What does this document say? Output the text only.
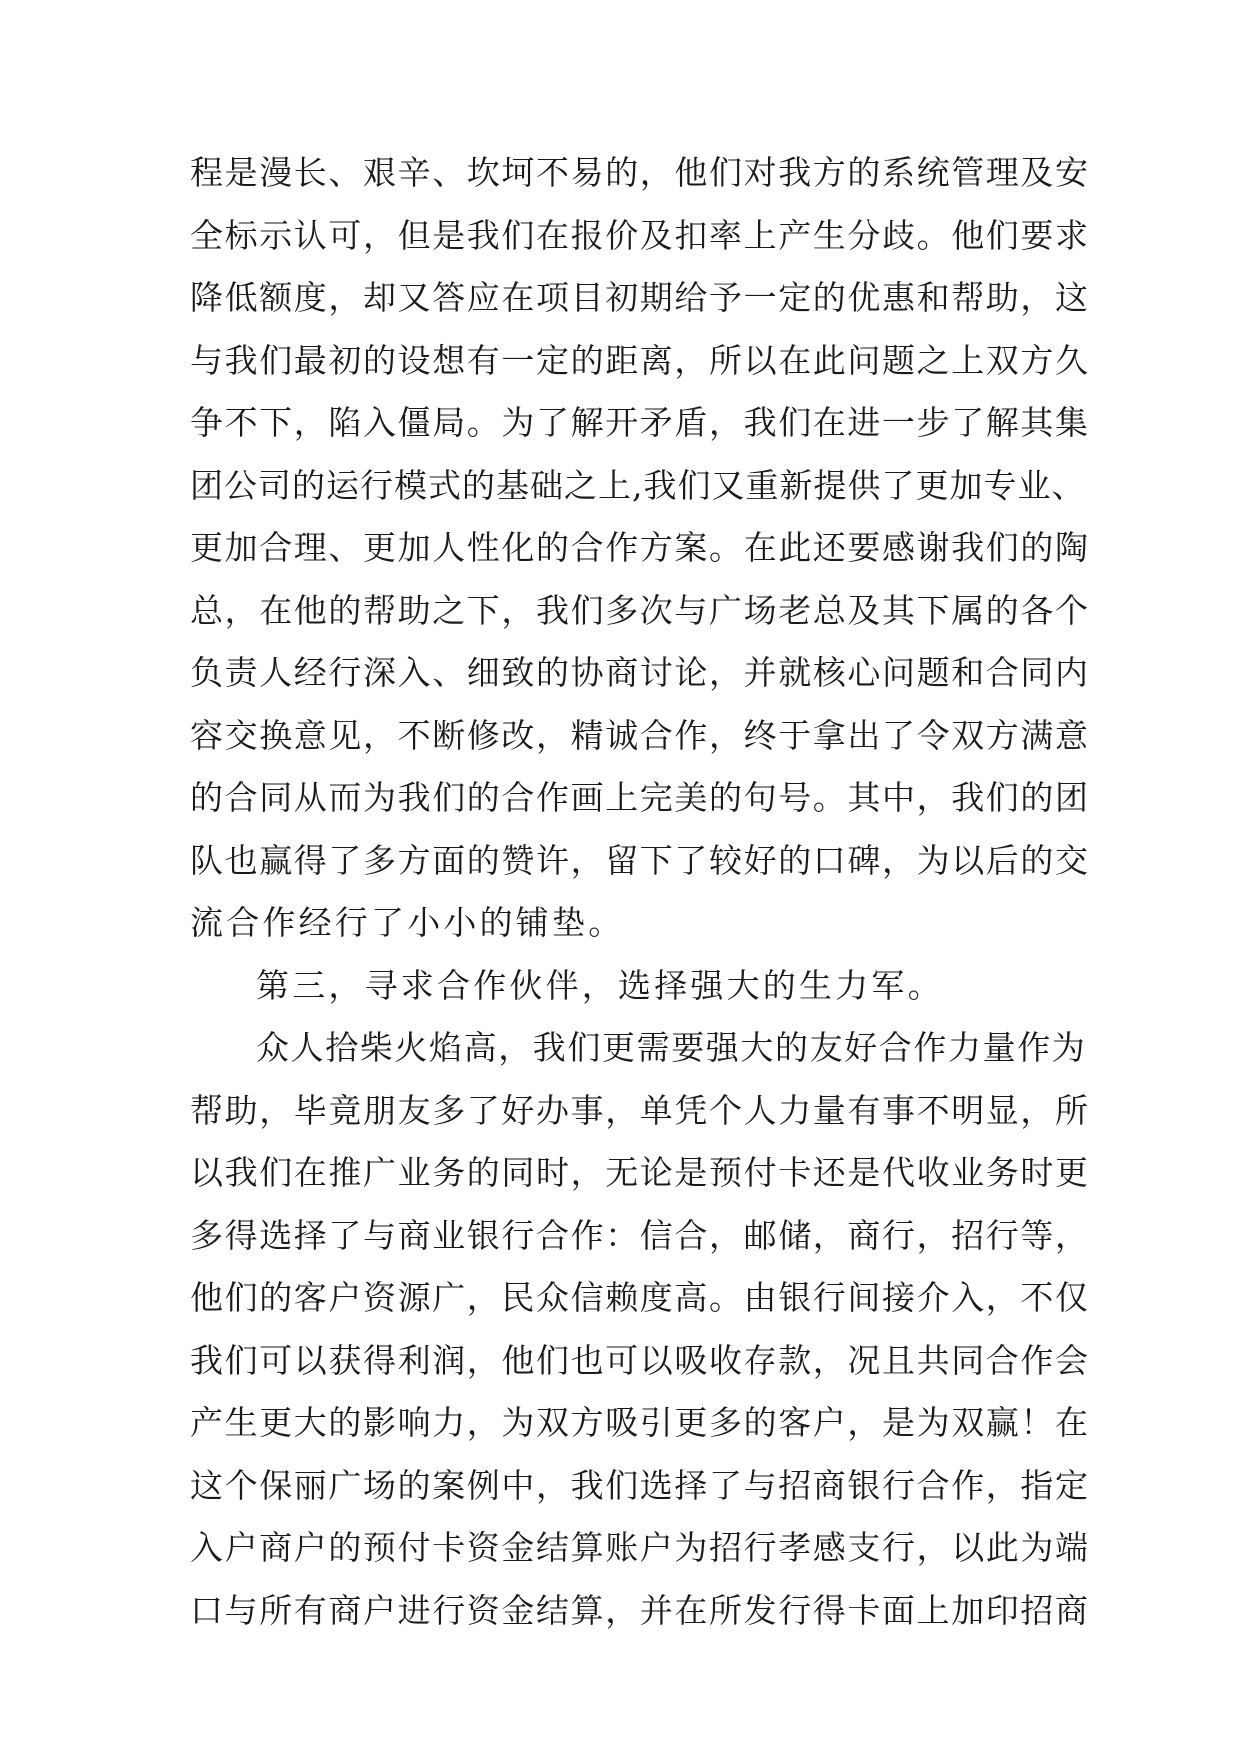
程是漫长、艰辛、坎坷不易的，他们对我方的系统管理及安
全标示认可，但是我们在报价及扣率上产生分歧。他们要求
降低额度，却又答应在项目初期给予一定的优惠和帮助，这
与我们最初的设想有一定的距离，所以在此问题之上双方久
争不下，陷入僵局。为了解开矛盾，我们在进一步了解其集
团公司的运行模式的基础之上,我们又重新提供了更加专业、
更加合理、更加人性化的合作方案。在此还要感谢我们的陶
总，在他的帮助之下，我们多次与广场老总及其下属的各个
负责人经行深入、细致的协商讨论，并就核心问题和合同内
容交换意见，不断修改，精诚合作，终于拿出了令双方满意
的合同从而为我们的合作画上完美的句号。其中，我们的团
队也赢得了多方面的赞许，留下了较好的口碑，为以后的交
流合作经行了小小的铺垫。
第三，寻求合作伙伴，选择强大的生力军。
众人拾柴火焰高，我们更需要强大的友好合作力量作为
帮助，毕竟朋友多了好办事，单凭个人力量有事不明显，所
以我们在推广业务的同时，无论是预付卡还是代收业务时更
多得选择了与商业银行合作：信合，邮储，商行，招行等，
他们的客户资源广，民众信赖度高。由银行间接介入，不仅
我们可以获得利润，他们也可以吸收存款，况且共同合作会
产生更大的影响力，为双方吸引更多的客户，是为双赢！在
这个保丽广场的案例中，我们选择了与招商银行合作，指定
入户商户的预付卡资金结算账户为招行孝感支行，以此为端
口与所有商户进行资金结算，并在所发行得卡面上加印招商
